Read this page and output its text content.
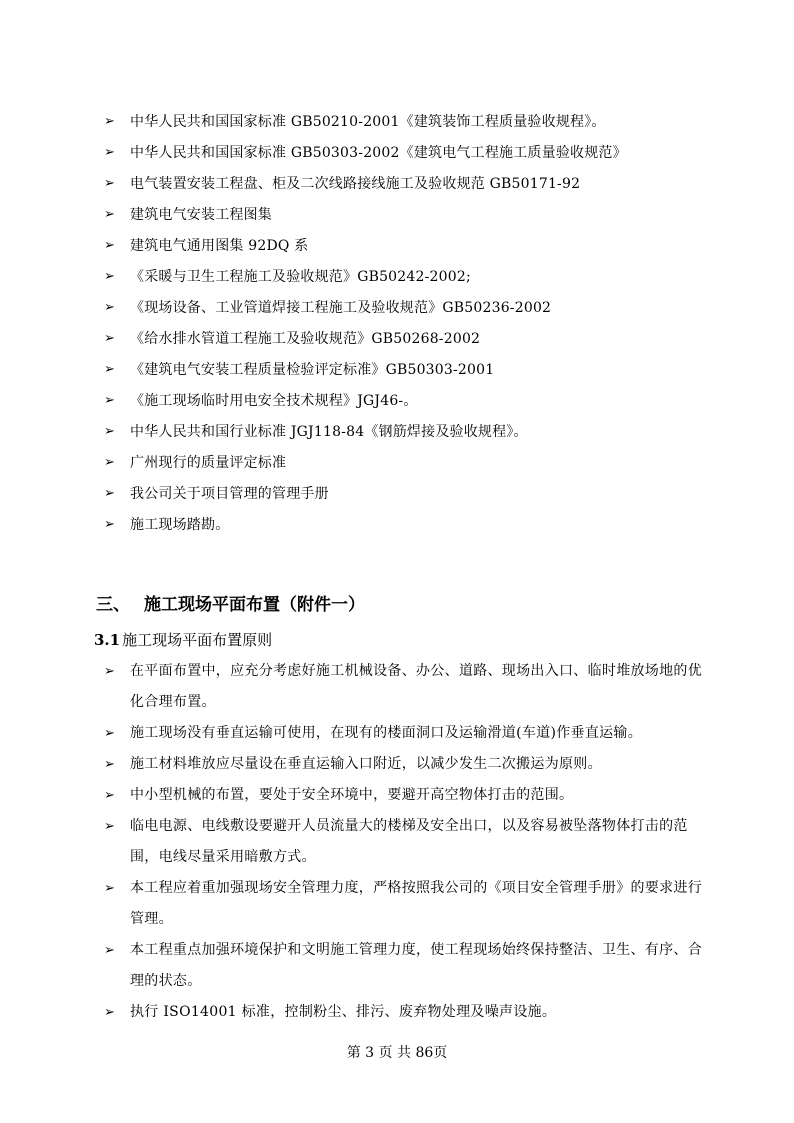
➢	中华人民共和国国家标准 GB50210-2001《建筑装饰工程质量验收规程》。
➢	中华人民共和国国家标准 GB50303-2002《建筑电气工程施工质量验收规范》
➢	电气装置安装工程盘、柜及二次线路接线施工及验收规范 GB50171-92
➢	建筑电气安装工程图集
➢	建筑电气通用图集 92DQ 系
➢	《采暖与卫生工程施工及验收规范》GB50242-2002;
➢	《现场设备、工业管道焊接工程施工及验收规范》GB50236-2002
➢	《给水排水管道工程施工及验收规范》GB50268-2002
➢	《建筑电气安装工程质量检验评定标准》GB50303-2001
➢	《施工现场临时用电安全技术规程》JGJ46-。
➢	中华人民共和国行业标准 JGJ118-84《钢筋焊接及验收规程》。
➢	广州现行的质量评定标准
➢	我公司关于项目管理的管理手册
➢	施工现场踏勘。
三、 施工现场平面布置（附件一）
3.1 施工现场平面布置原则
➢	在平面布置中，应充分考虑好施工机械设备、办公、道路、现场出入口、临时堆放场地的优化合理布置。
➢	施工现场没有垂直运输可使用，在现有的楼面洞口及运输滑道(车道)作垂直运输。
➢	施工材料堆放应尽量设在垂直运输入口附近，以减少发生二次搬运为原则。
➢	中小型机械的布置，要处于安全环境中，要避开高空物体打击的范围。
➢	临电电源、电线敷设要避开人员流量大的楼梯及安全出口，以及容易被坠落物体打击的范围，电线尽量采用暗敷方式。
➢	本工程应着重加强现场安全管理力度，严格按照我公司的《项目安全管理手册》的要求进行管理。
➢	本工程重点加强环境保护和文明施工管理力度，使工程现场始终保持整洁、卫生、有序、合理的状态。
➢	执行 ISO14001 标准，控制粉尘、排污、废弃物处理及噪声设施。
第 3 页 共 86页
